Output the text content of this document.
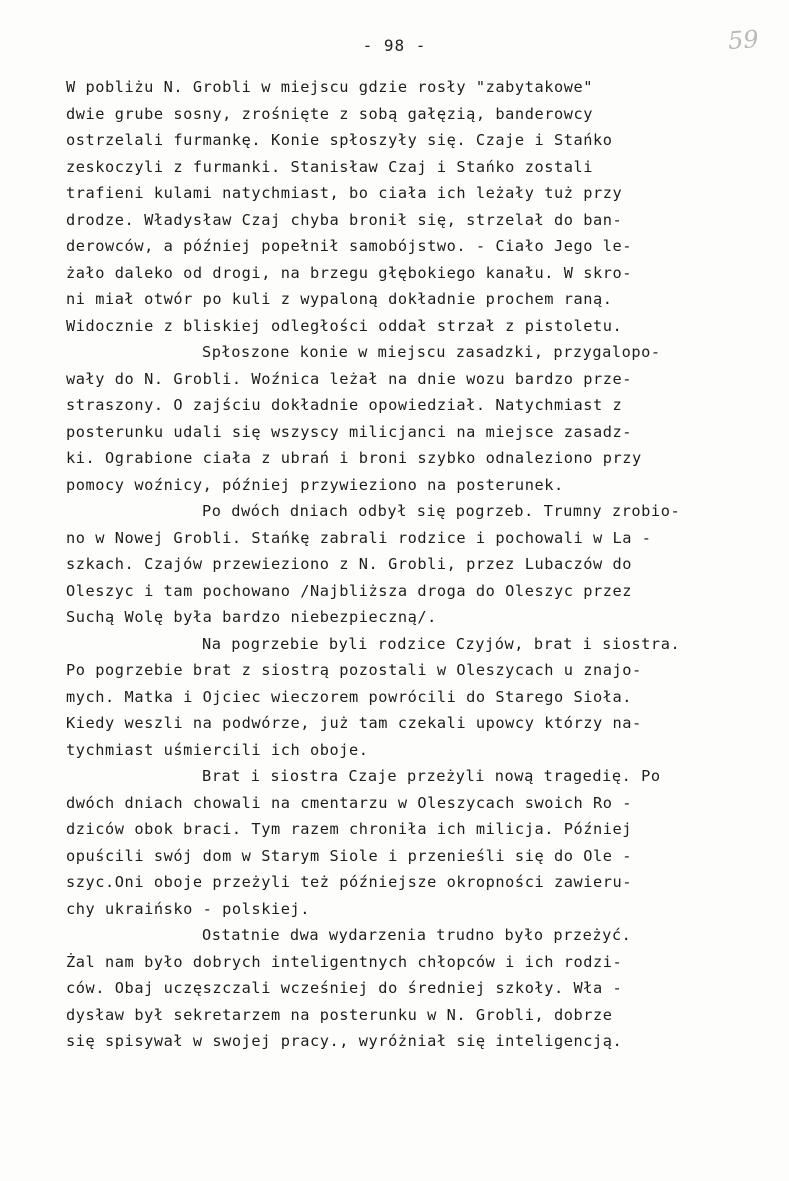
- 98 -	59
W pobliżu N. Grobli w miejscu gdzie rosły "zabytakowe"
dwie grube sosny, zrośnięte z sobą gałęzią, banderowcy
ostrzelali furmankę. Konie spłoszyły się. Czaje i Stańko
zeskoczyli z furmanki. Stanisław Czaj i Stańko zostali
trafieni kulami natychmiast, bo ciała ich leżały tuż przy
drodze. Władysław Czaj chyba bronił się, strzelał do ban-
derowców, a później popełnił samobójstwo. - Ciało Jego le-
żało daleko od drogi, na brzegu głębokiego kanału. W skro-
ni miał otwór po kuli z wypaloną dokładnie prochem raną.
Widocznie z bliskiej odległości oddał strzał z pistoletu.
Spłoszone konie w miejscu zasadzki, przygalopo-
wały do N. Grobli. Woźnica leżał na dnie wozu bardzo prze-
straszony. O zajściu dokładnie opowiedział. Natychmiast z
posterunku udali się wszyscy milicjanci na miejsce zasadz-
ki. Ograbione ciała z ubrań i broni szybko odnaleziono przy
pomocy woźnicy, później przywieziono na posterunek.
Po dwóch dniach odbył się pogrzeb. Trumny zrobio-
no w Nowej Grobli. Stańkę zabrali rodzice i pochowali w La -
szkach. Czajów przewieziono z N. Grobli, przez Lubaczów do
Oleszyc i tam pochowano /Najbliższa droga do Oleszyc przez
Suchą Wolę była bardzo niebezpieczną/.
Na pogrzebie byli rodzice Czyjów, brat i siostra.
Po pogrzebie brat z siostrą pozostali w Oleszycach u znajo-
mych. Matka i Ojciec wieczorem powrócili do Starego Sioła.
Kiedy weszli na podwórze, już tam czekali upowcy którzy na-
tychmiast uśmiercili ich oboje.
Brat i siostra Czaje przeżyli nową tragedię. Po
dwóch dniach chowali na cmentarzu w Oleszycach swoich Ro -
dziców obok braci. Tym razem chroniła ich milicja. Później
opuścili swój dom w Starym Siole i przenieśli się do Ole -
szyc.Oni oboje przeżyli też późniejsze okropności zawieru-
chy ukraińsko - polskiej.
Ostatnie dwa wydarzenia trudno było przeżyć.
Żal nam było dobrych inteligentnych chłopców i ich rodzi-
ców. Obaj uczęszczali wcześniej do średniej szkoły. Wła -
dysław był sekretarzem na posterunku w N. Grobli, dobrze
się spisywał w swojej pracy., wyróżniał się inteligencją.
